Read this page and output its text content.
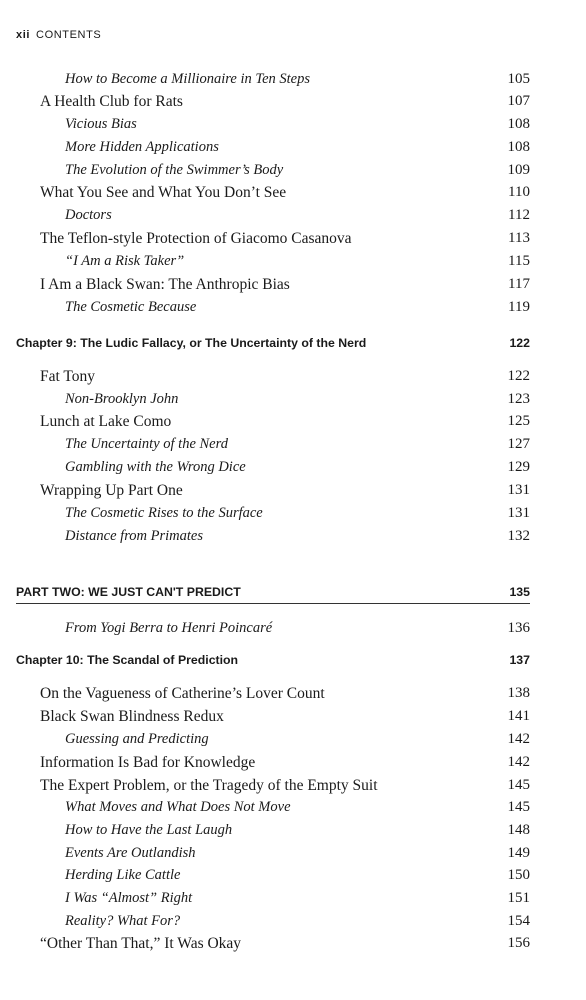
xii CONTENTS
How to Become a Millionaire in Ten Steps	105
A Health Club for Rats	107
Vicious Bias	108
More Hidden Applications	108
The Evolution of the Swimmer’s Body	109
What You See and What You Don’t See	110
Doctors	112
The Teflon-style Protection of Giacomo Casanova	113
“I Am a Risk Taker”	115
I Am a Black Swan: The Anthropic Bias	117
The Cosmetic Because	119
Chapter 9: The Ludic Fallacy, or The Uncertainty of the Nerd	122
Fat Tony	122
Non-Brooklyn John	123
Lunch at Lake Como	125
The Uncertainty of the Nerd	127
Gambling with the Wrong Dice	129
Wrapping Up Part One	131
The Cosmetic Rises to the Surface	131
Distance from Primates	132
PART TWO: WE JUST CAN'T PREDICT	135
From Yogi Berra to Henri Poincaré	136
Chapter 10: The Scandal of Prediction	137
On the Vagueness of Catherine’s Lover Count	138
Black Swan Blindness Redux	141
Guessing and Predicting	142
Information Is Bad for Knowledge	142
The Expert Problem, or the Tragedy of the Empty Suit	145
What Moves and What Does Not Move	145
How to Have the Last Laugh	148
Events Are Outlandish	149
Herding Like Cattle	150
I Was “Almost” Right	151
Reality? What For?	154
“Other Than That,” It Was Okay	156
